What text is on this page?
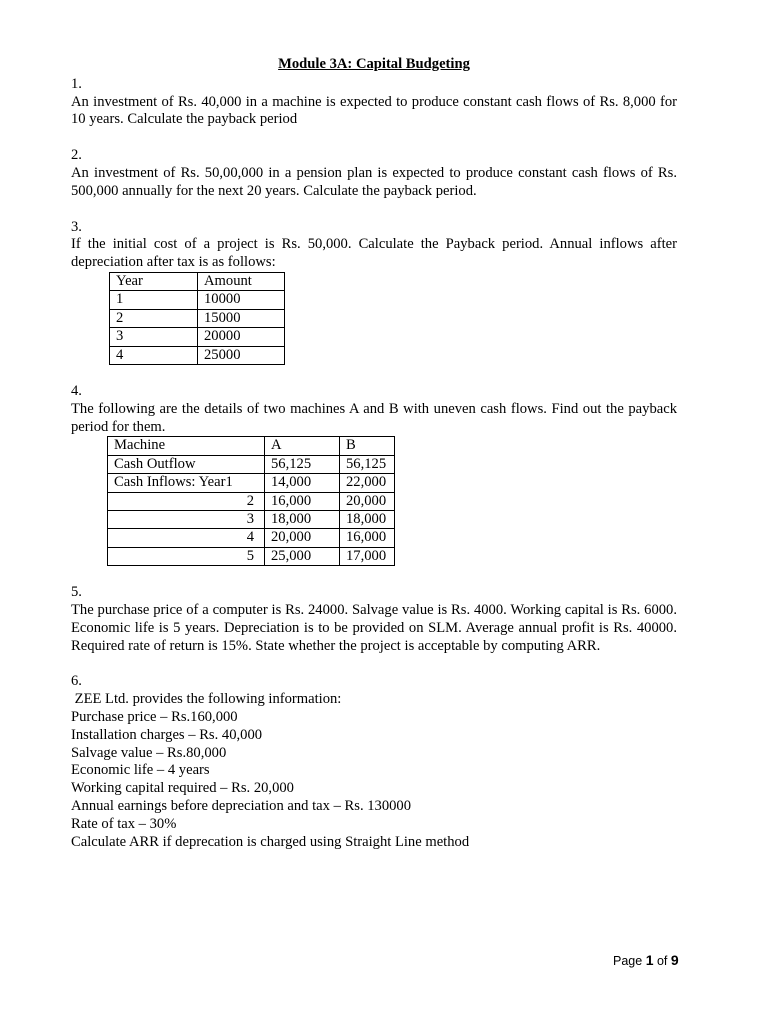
Module 3A: Capital Budgeting

1.

An investment of Rs. 40,000 in a machine is expected to produce constant cash flows of Rs. 8,000 for 10 years. Calculate the payback period

2.

An investment of Rs. 50,00,000 in a pension plan is expected to produce constant cash flows of Rs. 500,000 annually for the next 20 years. Calculate the payback period.

3.

If the initial cost of a project is Rs. 50,000. Calculate the Payback period. Annual inflows after depreciation after tax is as follows:

Year	Amount
1	10000
2	15000
3	20000
4	25000

4.

The following are the details of two machines A and B with uneven cash flows. Find out the payback period for them.

Machine	A	B
Cash Outflow	56,125	56,125
Cash Inflows: Year1	14,000	22,000
2	16,000	20,000
3	18,000	18,000
4	20,000	16,000
5	25,000	17,000

5.

The purchase price of a computer is Rs. 24000. Salvage value is Rs. 4000. Working capital is Rs. 6000. Economic life is 5 years. Depreciation is to be provided on SLM. Average annual profit is Rs. 40000. Required rate of return is 15%. State whether the project is acceptable by computing ARR.

6.

ZEE Ltd. provides the following information:

Purchase price – Rs.160,000

Installation charges – Rs. 40,000

Salvage value – Rs.80,000

Economic life – 4 years

Working capital required – Rs. 20,000

Annual earnings before depreciation and tax – Rs. 130000

Rate of tax – 30%

Calculate ARR if deprecation is charged using Straight Line method

Page 1 of 9
